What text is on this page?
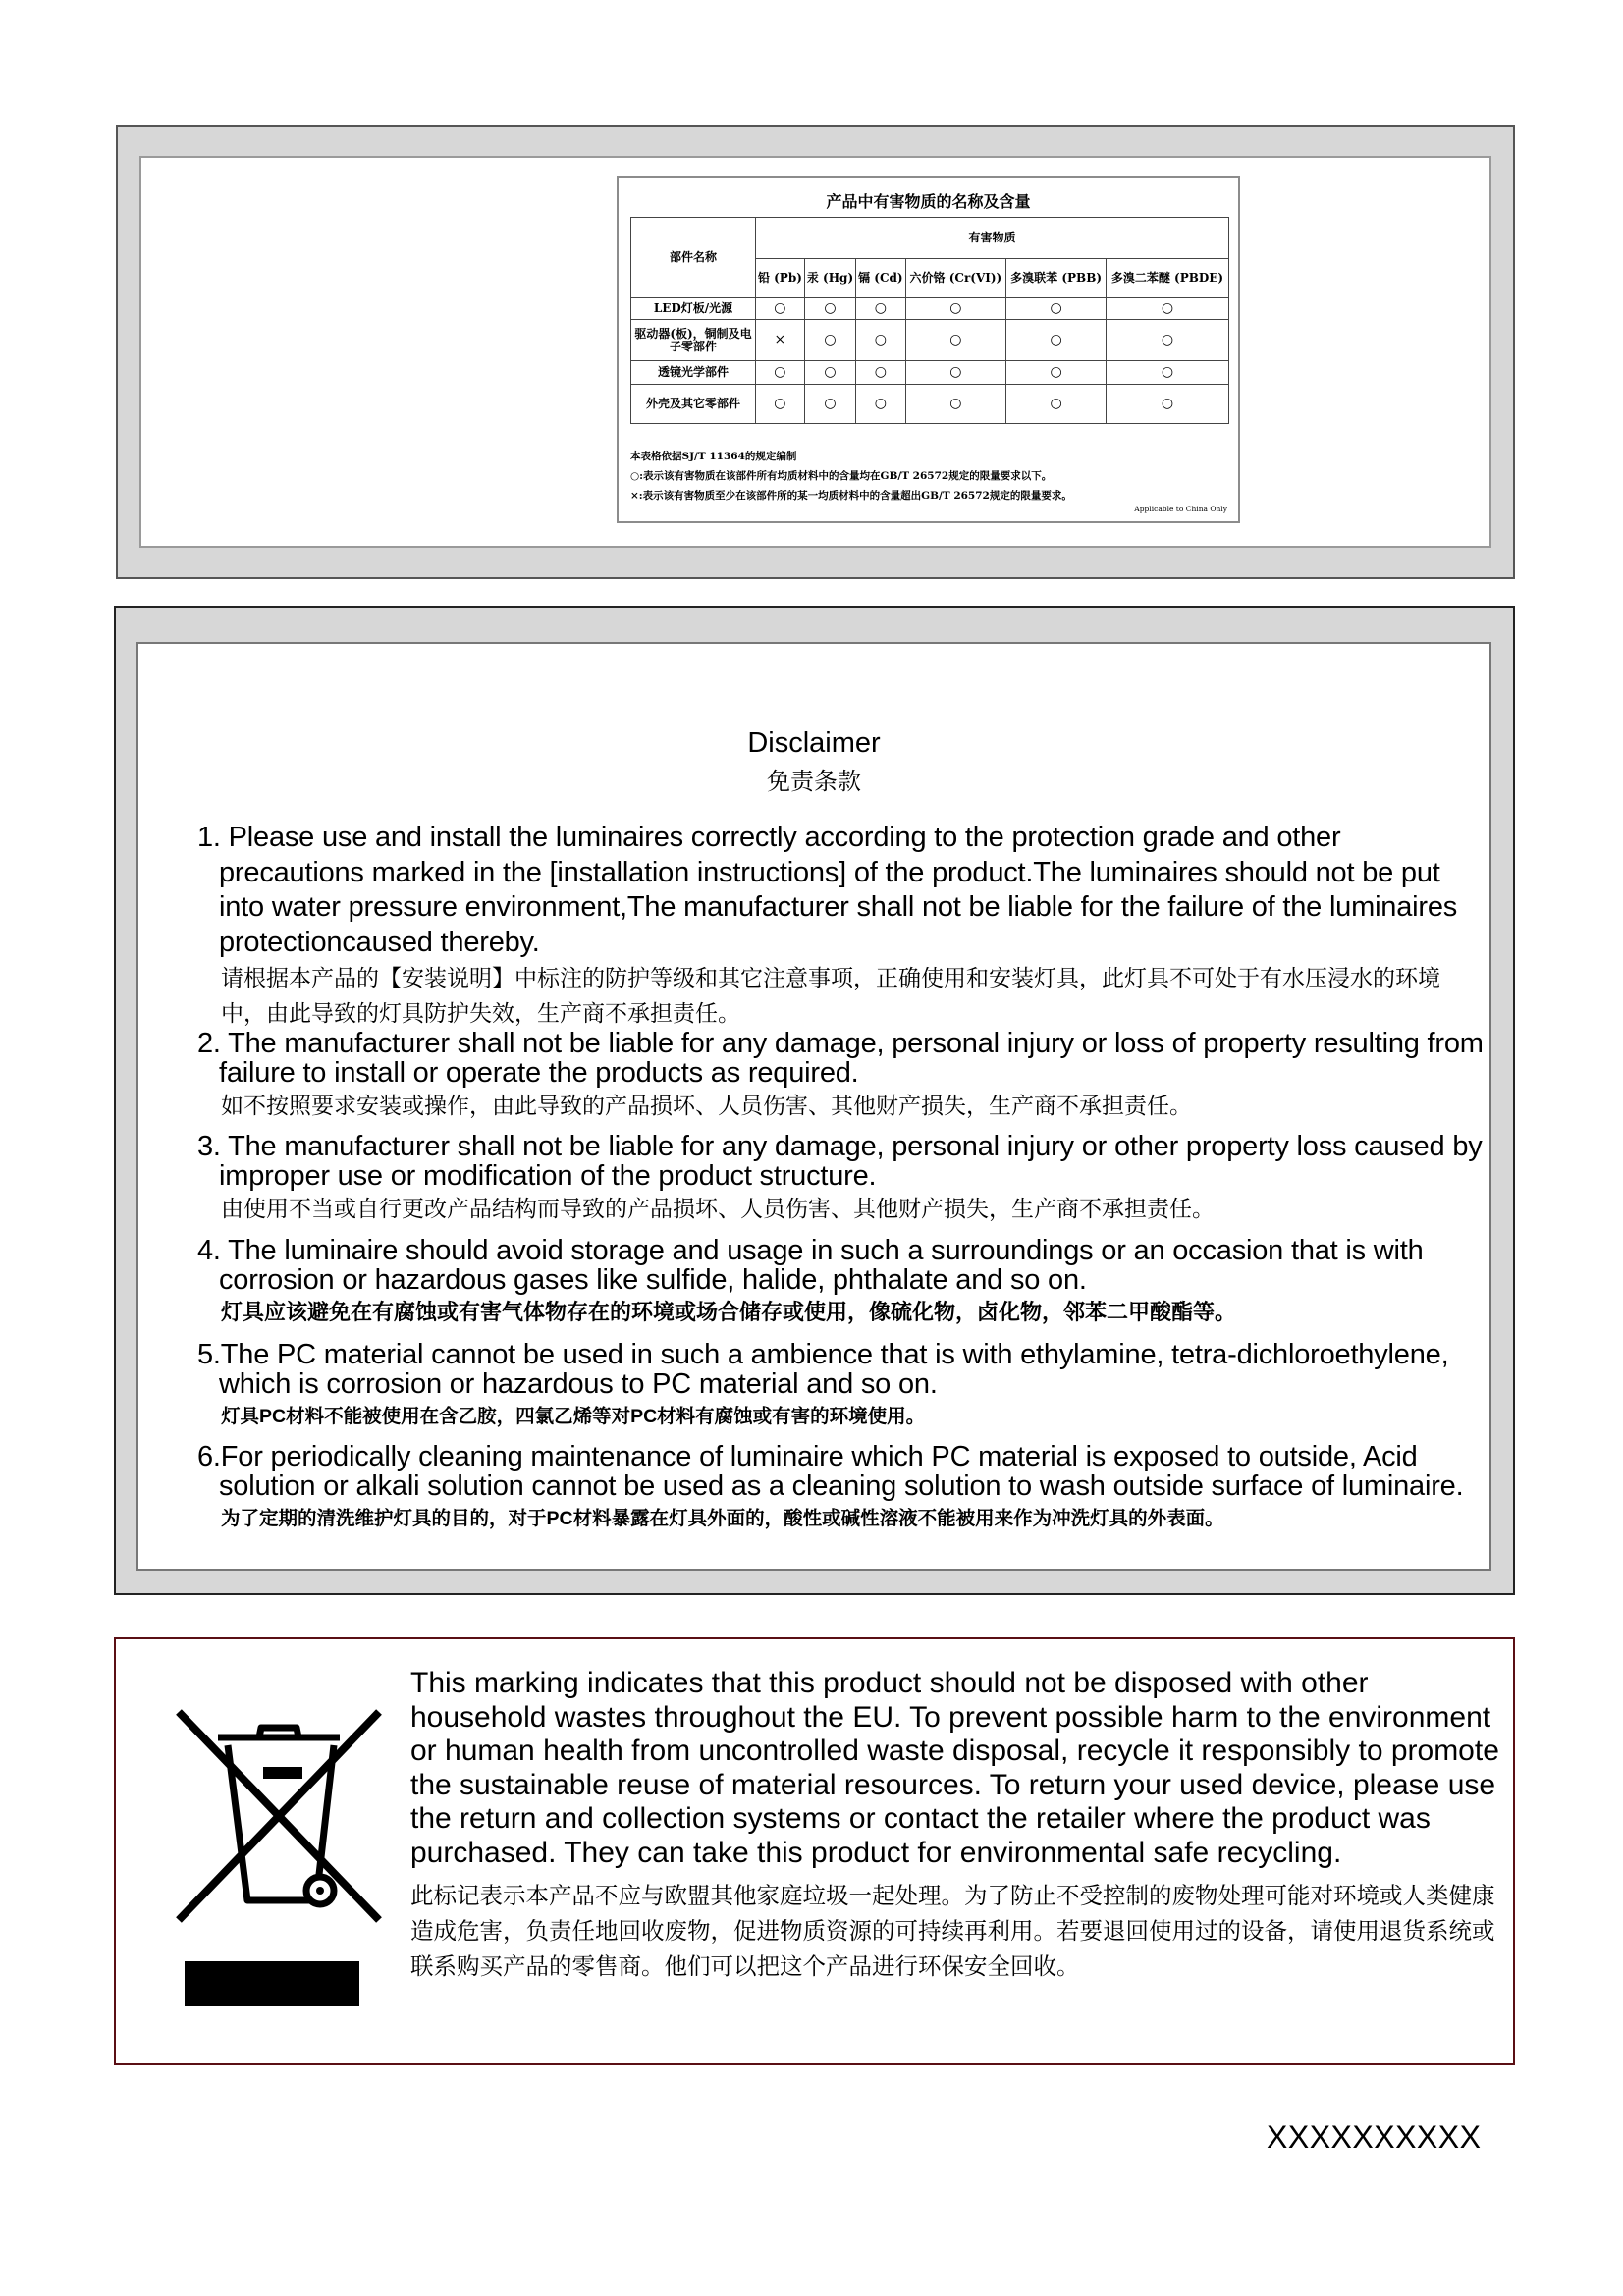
产品中有害物质的名称及含量
部件名称	有害物质					
	铅 (Pb)	汞 (Hg)	镉 (Cd)	六价铬 (Cr(VI))	多溴联苯 (PBB)	多溴二苯醚 (PBDE)
LED灯板/光源	○	○	○	○	○	○
驱动器(板)，铜制及电子零部件	×	○	○	○	○	○
透镜光学部件	○	○	○	○	○	○
外壳及其它零部件	○	○	○	○	○	○
本表格依据SJ/T 11364的规定编制
○:表示该有害物质在该部件所有均质材料中的含量均在GB/T 26572规定的限量要求以下。
×:表示该有害物质至少在该部件所的某一均质材料中的含量超出GB/T 26572规定的限量要求。
Applicable to China Only
Disclaimer
免责条款
1. Please use and install the luminaires correctly according to the protection grade and other precautions marked in the [installation instructions] of the product.The luminaires should not be put into water pressure environment,The manufacturer shall not be liable for the failure of the luminaires protectioncaused thereby.
请根据本产品的【安装说明】中标注的防护等级和其它注意事项，正确使用和安装灯具，此灯具不可处于有水压浸水的环境中，由此导致的灯具防护失效，生产商不承担责任。
2. The manufacturer shall not be liable for any damage, personal injury or loss of property resulting from failure to install or operate the products as required.
如不按照要求安装或操作，由此导致的产品损坏、人员伤害、其他财产损失，生产商不承担责任。
3. The manufacturer shall not be liable for any damage, personal injury or other property loss caused by improper use or modification of the product structure.
由使用不当或自行更改产品结构而导致的产品损坏、人员伤害、其他财产损失，生产商不承担责任。
4. The luminaire should avoid storage and usage in such a surroundings or an occasion that is with corrosion or hazardous gases like sulfide, halide, phthalate and so on.
灯具应该避免在有腐蚀或有害气体物存在的环境或场合储存或使用，像硫化物，卤化物，邻苯二甲酸酯等。
5.The PC material cannot be used in such a ambience that is with ethylamine, tetra-dichloroethylene, which is corrosion or hazardous to PC material and so on.
灯具PC材料不能被使用在含乙胺，四氯乙烯等对PC材料有腐蚀或有害的环境使用。
6.For periodically cleaning maintenance of luminaire which PC material is exposed to outside, Acid solution or alkali solution cannot be used as a cleaning solution to wash outside surface of luminaire.
为了定期的清洗维护灯具的目的，对于PC材料暴露在灯具外面的，酸性或碱性溶液不能被用来作为冲洗灯具的外表面。
This marking indicates that this product should not be disposed with other household wastes throughout the EU. To prevent possible harm to the environment or human health from uncontrolled waste disposal, recycle it responsibly to promote the sustainable reuse of material resources. To return your used device, please use the return and collection systems or contact the retailer where the product was purchased. They can take this product for environmental safe recycling.
此标记表示本产品不应与欧盟其他家庭垃圾一起处理。为了防止不受控制的废物处理可能对环境或人类健康造成危害，负责任地回收废物，促进物质资源的可持续再利用。若要退回使用过的设备，请使用退货系统或联系购买产品的零售商。他们可以把这个产品进行环保安全回收。
XXXXXXXXXX
